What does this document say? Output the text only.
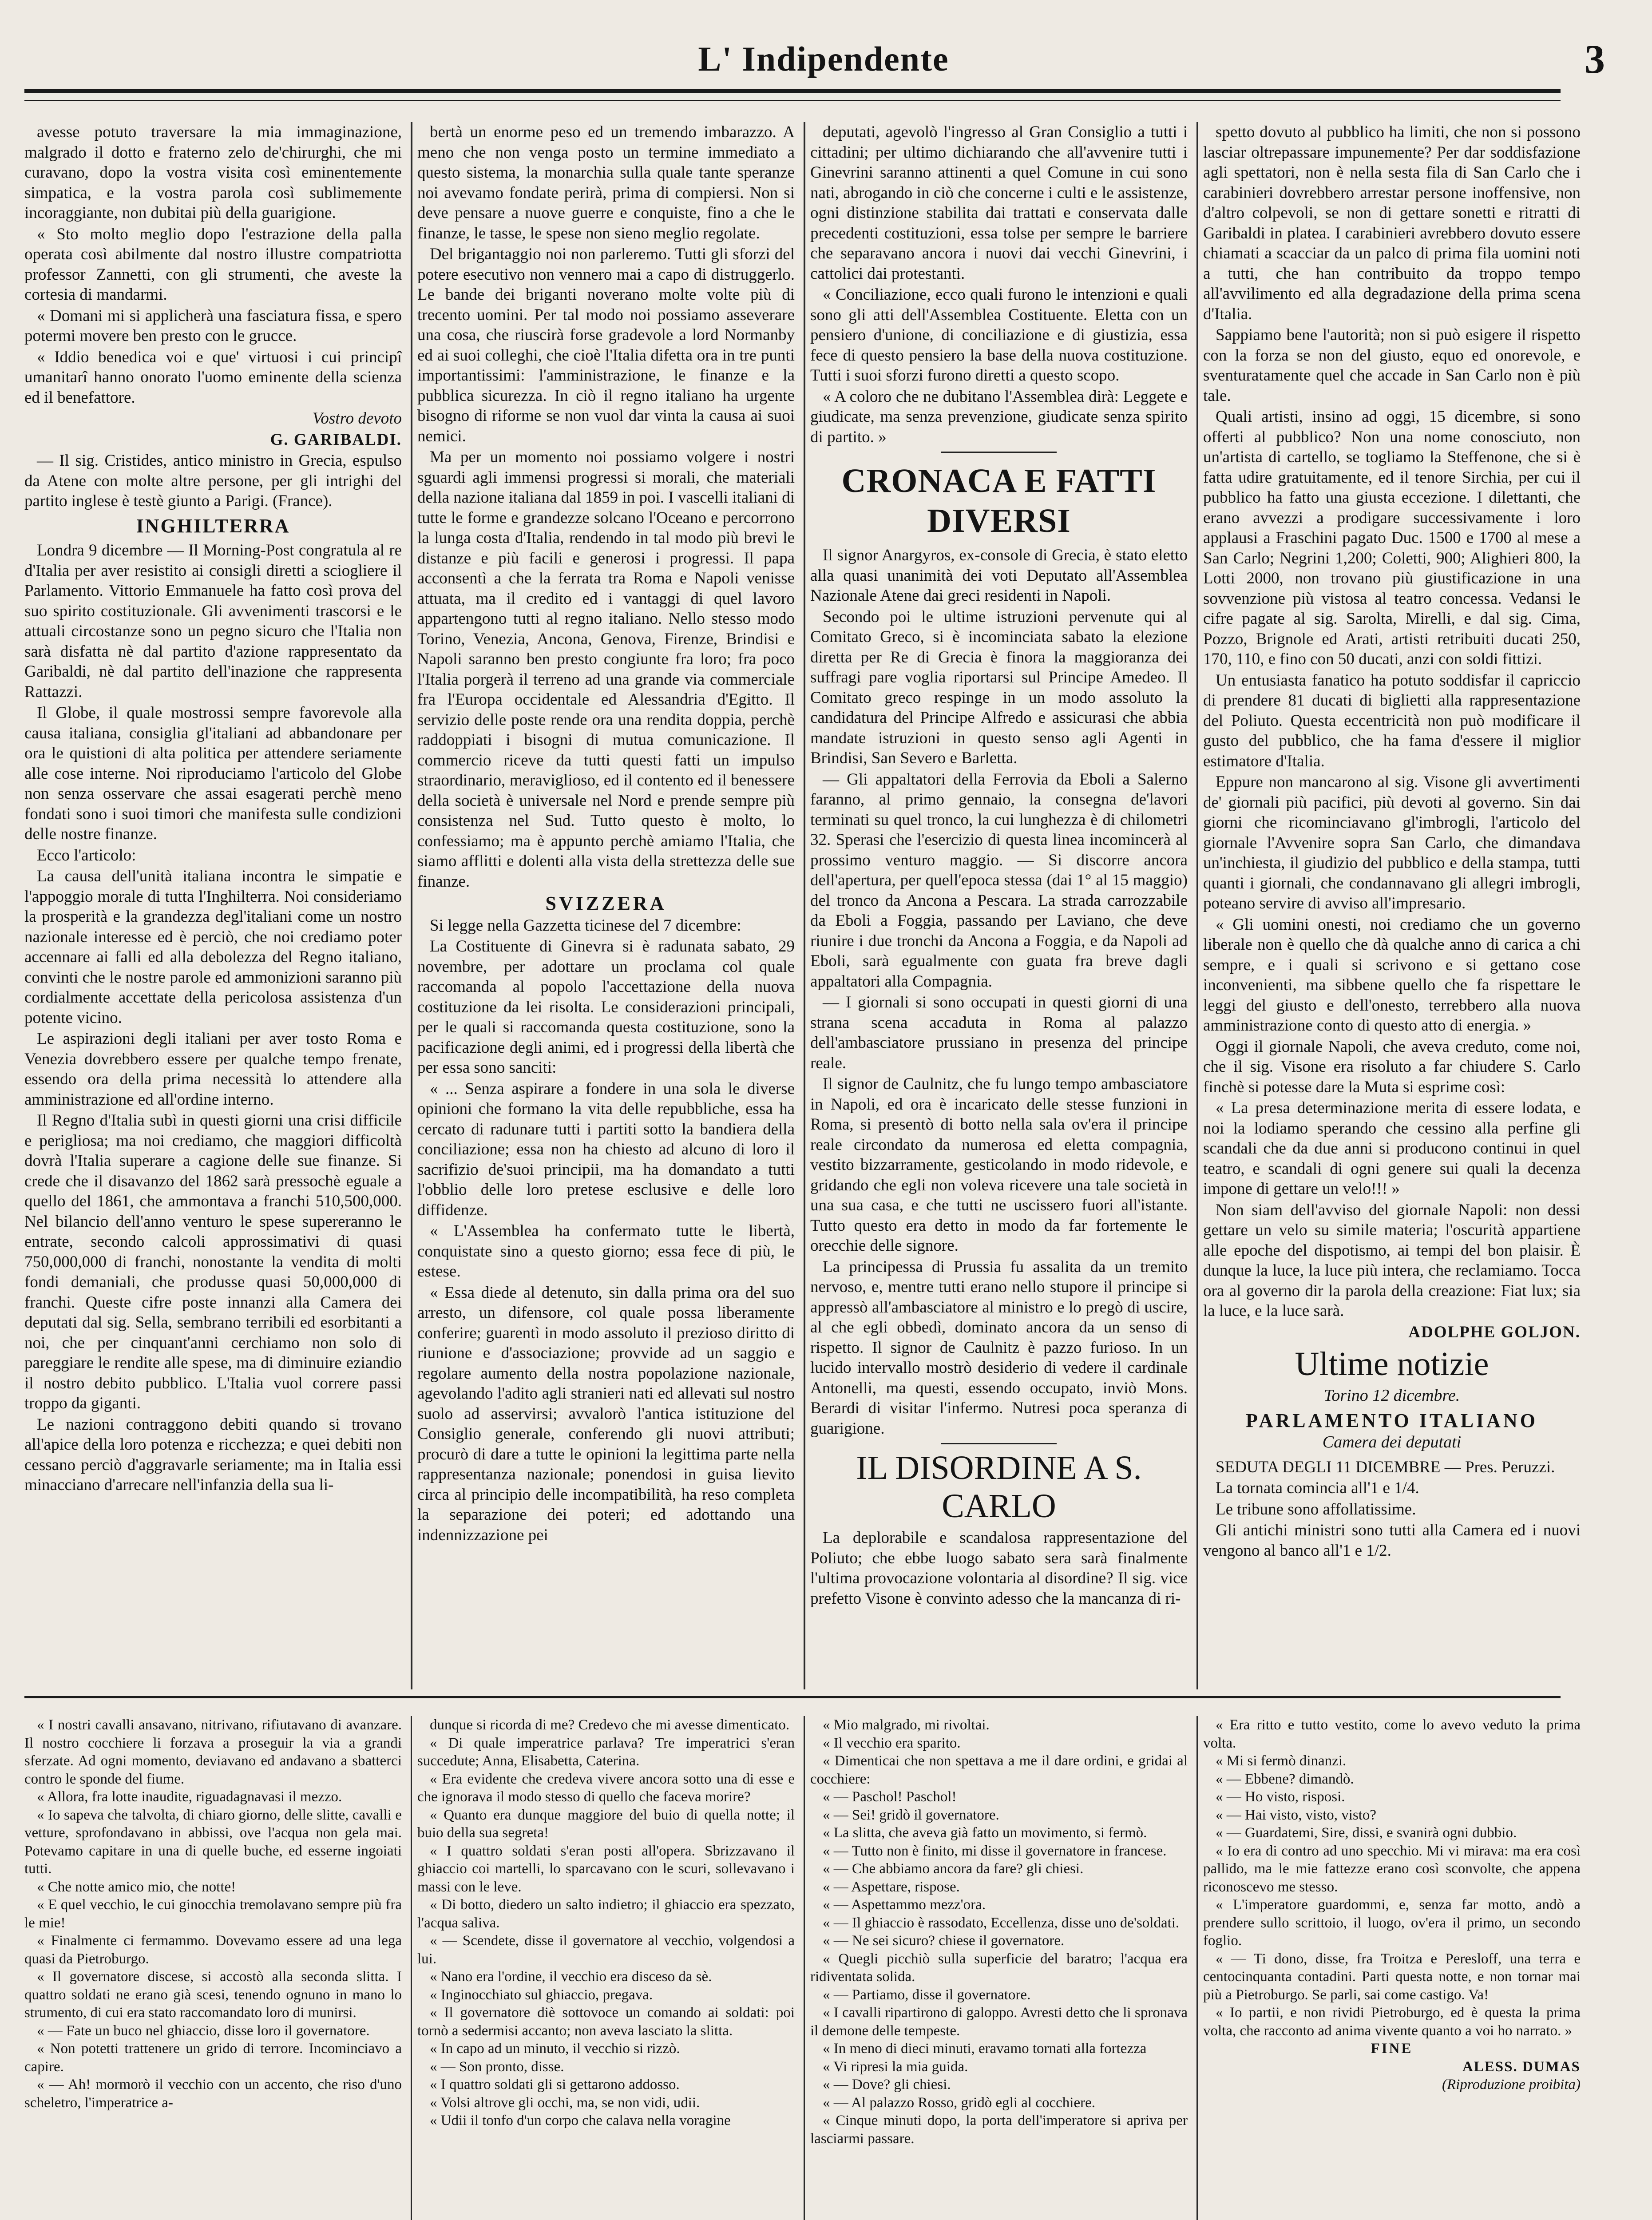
L' Indipendente	3

avesse potuto traversare la mia immaginazione, malgrado il dotto e fraterno zelo de'chirurghi, che mi curavano, dopo la vostra visita così eminentemente simpatica, e la vostra parola così sublimemente incoraggiante, non dubitai più della guarigione.

« Sto molto meglio dopo l'estrazione della palla operata così abilmente dal nostro illustre compatriotta professor Zannetti, con gli strumenti, che aveste la cortesia di mandarmi.

« Domani mi si applicherà una fasciatura fissa, e spero potermi movere ben presto con le grucce.

« Iddio benedica voi e que' virtuosi i cui principî umanitarî hanno onorato l'uomo eminente della scienza ed il benefattore.

Vostro devoto

G. GARIBALDI.

— Il sig. Cristides, antico ministro in Grecia, espulso da Atene con molte altre persone, per gli intrighi del partito inglese è testè giunto a Parigi. (France).

INGHILTERRA

Londra 9 dicembre — Il Morning-Post congratula al re d'Italia per aver resistito ai consigli diretti a sciogliere il Parlamento. Vittorio Emmanuele ha fatto così prova del suo spirito costituzionale. Gli avvenimenti trascorsi e le attuali circostanze sono un pegno sicuro che l'Italia non sarà disfatta nè dal partito d'azione rappresentato da Garibaldi, nè dal partito dell'inazione che rappresenta Rattazzi.

Il Globe, il quale mostrossi sempre favorevole alla causa italiana, consiglia gl'italiani ad abbandonare per ora le quistioni di alta politica per attendere seriamente alle cose interne. Noi riproduciamo l'articolo del Globe non senza osservare che assai esagerati perchè meno fondati sono i suoi timori che manifesta sulle condizioni delle nostre finanze.

Ecco l'articolo:

La causa dell'unità italiana incontra le simpatie e l'appoggio morale di tutta l'Inghilterra. Noi consideriamo la prosperità e la grandezza degl'italiani come un nostro nazionale interesse ed è perciò, che noi crediamo poter accennare ai falli ed alla debolezza del Regno italiano, convinti che le nostre parole ed ammonizioni saranno più cordialmente accettate della pericolosa assistenza d'un potente vicino.

Le aspirazioni degli italiani per aver tosto Roma e Venezia dovrebbero essere per qualche tempo frenate, essendo ora della prima necessità lo attendere alla amministrazione ed all'ordine interno.

Il Regno d'Italia subì in questi giorni una crisi difficile e perigliosa; ma noi crediamo, che maggiori difficoltà dovrà l'Italia superare a cagione delle sue finanze. Si crede che il disavanzo del 1862 sarà pressochè eguale a quello del 1861, che ammontava a franchi 510,500,000. Nel bilancio dell'anno venturo le spese supereranno le entrate, secondo calcoli approssimativi di quasi 750,000,000 di franchi, nonostante la vendita di molti fondi demaniali, che produsse quasi 50,000,000 di franchi. Queste cifre poste innanzi alla Camera dei deputati dal sig. Sella, sembrano terribili ed esorbitanti a noi, che per cinquant'anni cerchiamo non solo di pareggiare le rendite alle spese, ma di diminuire eziandio il nostro debito pubblico. L'Italia vuol correre passi troppo da giganti.

Le nazioni contraggono debiti quando si trovano all'apice della loro potenza e ricchezza; e quei debiti non cessano perciò d'aggravarle seriamente; ma in Italia essi minacciano d'arrecare nell'infanzia della sua li-

bertà un enorme peso ed un tremendo imbarazzo. A meno che non venga posto un termine immediato a questo sistema, la monarchia sulla quale tante speranze noi avevamo fondate perirà, prima di compiersi. Non si deve pensare a nuove guerre e conquiste, fino a che le finanze, le tasse, le spese non sieno meglio regolate.

Del brigantaggio noi non parleremo. Tutti gli sforzi del potere esecutivo non vennero mai a capo di distruggerlo. Le bande dei briganti noverano molte volte più di trecento uomini. Per tal modo noi possiamo asseverare una cosa, che riuscirà forse gradevole a lord Normanby ed ai suoi colleghi, che cioè l'Italia difetta ora in tre punti importantissimi: l'amministrazione, le finanze e la pubblica sicurezza. In ciò il regno italiano ha urgente bisogno di riforme se non vuol dar vinta la causa ai suoi nemici.

Ma per un momento noi possiamo volgere i nostri sguardi agli immensi progressi si morali, che materiali della nazione italiana dal 1859 in poi. I vascelli italiani di tutte le forme e grandezze solcano l'Oceano e percorrono la lunga costa d'Italia, rendendo in tal modo più brevi le distanze e più facili e generosi i progressi. Il papa acconsentì a che la ferrata tra Roma e Napoli venisse attuata, ma il credito ed i vantaggi di quel lavoro appartengono tutti al regno italiano. Nello stesso modo Torino, Venezia, Ancona, Genova, Firenze, Brindisi e Napoli saranno ben presto congiunte fra loro; fra poco l'Italia porgerà il terreno ad una grande via commerciale fra l'Europa occidentale ed Alessandria d'Egitto. Il servizio delle poste rende ora una rendita doppia, perchè raddoppiati i bisogni di mutua comunicazione. Il commercio riceve da tutti questi fatti un impulso straordinario, meraviglioso, ed il contento ed il benessere della società è universale nel Nord e prende sempre più consistenza nel Sud. Tutto questo è molto, lo confessiamo; ma è appunto perchè amiamo l'Italia, che siamo afflitti e dolenti alla vista della strettezza delle sue finanze.

SVIZZERA

Si legge nella Gazzetta ticinese del 7 dicembre:

La Costituente di Ginevra si è radunata sabato, 29 novembre, per adottare un proclama col quale raccomanda al popolo l'accettazione della nuova costituzione da lei risolta. Le considerazioni principali, per le quali si raccomanda questa costituzione, sono la pacificazione degli animi, ed i progressi della libertà che per essa sono sanciti:

« ... Senza aspirare a fondere in una sola le diverse opinioni che formano la vita delle repubbliche, essa ha cercato di radunare tutti i partiti sotto la bandiera della conciliazione; essa non ha chiesto ad alcuno di loro il sacrifizio de'suoi principii, ma ha domandato a tutti l'obblio delle loro pretese esclusive e delle loro diffidenze.

« L'Assemblea ha confermato tutte le libertà, conquistate sino a questo giorno; essa fece di più, le estese.

« Essa diede al detenuto, sin dalla prima ora del suo arresto, un difensore, col quale possa liberamente conferire; guarentì in modo assoluto il prezioso diritto di riunione e d'associazione; provvide ad un saggio e regolare aumento della nostra popolazione nazionale, agevolando l'adito agli stranieri nati ed allevati sul nostro suolo ad asservirsi; avvalorò l'antica istituzione del Consiglio generale, conferendo gli nuovi attributi; procurò di dare a tutte le opinioni la legittima parte nella rappresentanza nazionale; ponendosi in guisa lievito circa al principio delle incompatibilità, ha reso completa la separazione dei poteri; ed adottando una indennizzazione pei

deputati, agevolò l'ingresso al Gran Consiglio a tutti i cittadini; per ultimo dichiarando che all'avvenire tutti i Ginevrini saranno attinenti a quel Comune in cui sono nati, abrogando in ciò che concerne i culti e le assistenze, ogni distinzione stabilita dai trattati e conservata dalle precedenti costituzioni, essa tolse per sempre le barriere che separavano ancora i nuovi dai vecchi Ginevrini, i cattolici dai protestanti.

« Conciliazione, ecco quali furono le intenzioni e quali sono gli atti dell'Assemblea Costituente. Eletta con un pensiero d'unione, di conciliazione e di giustizia, essa fece di questo pensiero la base della nuova costituzione. Tutti i suoi sforzi furono diretti a questo scopo.

« A coloro che ne dubitano l'Assemblea dirà: Leggete e giudicate, ma senza prevenzione, giudicate senza spirito di partito. »

CRONACA E FATTI DIVERSI

Il signor Anargyros, ex-console di Grecia, è stato eletto alla quasi unanimità dei voti Deputato all'Assemblea Nazionale Atene dai greci residenti in Napoli.

Secondo poi le ultime istruzioni pervenute qui al Comitato Greco, si è incominciata sabato la elezione diretta per Re di Grecia è finora la maggioranza dei suffragi pare voglia riportarsi sul Principe Amedeo. Il Comitato greco respinge in un modo assoluto la candidatura del Principe Alfredo e assicurasi che abbia mandate istruzioni in questo senso agli Agenti in Brindisi, San Severo e Barletta.

— Gli appaltatori della Ferrovia da Eboli a Salerno faranno, al primo gennaio, la consegna de'lavori terminati su quel tronco, la cui lunghezza è di chilometri 32. Sperasi che l'esercizio di questa linea incomincerà al prossimo venturo maggio. — Si discorre ancora dell'apertura, per quell'epoca stessa (dai 1° al 15 maggio) del tronco da Ancona a Pescara. La strada carrozzabile da Eboli a Foggia, passando per Laviano, che deve riunire i due tronchi da Ancona a Foggia, e da Napoli ad Eboli, sarà egualmente con guata fra breve dagli appaltatori alla Compagnia.

— I giornali si sono occupati in questi giorni di una strana scena accaduta in Roma al palazzo dell'ambasciatore prussiano in presenza del principe reale.

Il signor de Caulnitz, che fu lungo tempo ambasciatore in Napoli, ed ora è incaricato delle stesse funzioni in Roma, si presentò di botto nella sala ov'era il principe reale circondato da numerosa ed eletta compagnia, vestito bizzarramente, gesticolando in modo ridevole, e gridando che egli non voleva ricevere una tale società in una sua casa, e che tutti ne uscissero fuori all'istante. Tutto questo era detto in modo da far fortemente le orecchie delle signore.

La principessa di Prussia fu assalita da un tremito nervoso, e, mentre tutti erano nello stupore il principe si appressò all'ambasciatore al ministro e lo pregò di uscire, al che egli obbedì, dominato ancora da un senso di rispetto. Il signor de Caulnitz è pazzo furioso. In un lucido intervallo mostrò desiderio di vedere il cardinale Antonelli, ma questi, essendo occupato, inviò Mons. Berardi di visitar l'infermo. Nutresi poca speranza di guarigione.

IL DISORDINE A S. CARLO

La deplorabile e scandalosa rappresentazione del Poliuto; che ebbe luogo sabato sera sarà finalmente l'ultima provocazione volontaria al disordine? Il sig. vice prefetto Visone è convinto adesso che la mancanza di ri-

spetto dovuto al pubblico ha limiti, che non si possono lasciar oltrepassare impunemente? Per dar soddisfazione agli spettatori, non è nella sesta fila di San Carlo che i carabinieri dovrebbero arrestar persone inoffensive, non d'altro colpevoli, se non di gettare sonetti e ritratti di Garibaldi in platea. I carabinieri avrebbero dovuto essere chiamati a scacciar da un palco di prima fila uomini noti a tutti, che han contribuito da troppo tempo all'avvilimento ed alla degradazione della prima scena d'Italia.

Sappiamo bene l'autorità; non si può esigere il rispetto con la forza se non del giusto, equo ed onorevole, e sventuratamente quel che accade in San Carlo non è più tale.

Quali artisti, insino ad oggi, 15 dicembre, si sono offerti al pubblico? Non una nome conosciuto, non un'artista di cartello, se togliamo la Steffenone, che si è fatta udire gratuitamente, ed il tenore Sirchia, per cui il pubblico ha fatto una giusta eccezione. I dilettanti, che erano avvezzi a prodigare successivamente i loro applausi a Fraschini pagato Duc. 1500 e 1700 al mese a San Carlo; Negrini 1,200; Coletti, 900; Alighieri 800, la Lotti 2000, non trovano più giustificazione in una sovvenzione più vistosa al teatro concessa. Vedansi le cifre pagate al sig. Sarolta, Mirelli, e dal sig. Cima, Pozzo, Brignole ed Arati, artisti retribuiti ducati 250, 170, 110, e fino con 50 ducati, anzi con soldi fittizi.

Un entusiasta fanatico ha potuto soddisfar il capriccio di prendere 81 ducati di biglietti alla rappresentazione del Poliuto. Questa eccentricità non può modificare il gusto del pubblico, che ha fama d'essere il miglior estimatore d'Italia.

Eppure non mancarono al sig. Visone gli avvertimenti de' giornali più pacifici, più devoti al governo. Sin dai giorni che ricominciavano gl'imbrogli, l'articolo del giornale l'Avvenire sopra San Carlo, che dimandava un'inchiesta, il giudizio del pubblico e della stampa, tutti quanti i giornali, che condannavano gli allegri imbrogli, poteano servire di avviso all'impresario.

« Gli uomini onesti, noi crediamo che un governo liberale non è quello che dà qualche anno di carica a chi sempre, e i quali si scrivono e si gettano cose inconvenienti, ma sibbene quello che fa rispettare le leggi del giusto e dell'onesto, terrebbero alla nuova amministrazione conto di questo atto di energia. »

Oggi il giornale Napoli, che aveva creduto, come noi, che il sig. Visone era risoluto a far chiudere S. Carlo finchè si potesse dare la Muta si esprime così:

« La presa determinazione merita di essere lodata, e noi la lodiamo sperando che cessino alla perfine gli scandali che da due anni si producono continui in quel teatro, e scandali di ogni genere sui quali la decenza impone di gettare un velo!!! »

Non siam dell'avviso del giornale Napoli: non dessi gettare un velo su simile materia; l'oscurità appartiene alle epoche del dispotismo, ai tempi del bon plaisir. È dunque la luce, la luce più intera, che reclamiamo. Tocca ora al governo dir la parola della creazione: Fiat lux; sia la luce, e la luce sarà.

ADOLPHE GOLJON.

Ultime notizie

Torino 12 dicembre.

PARLAMENTO ITALIANO

Camera dei deputati

SEDUTA DEGLI 11 DICEMBRE — Pres. Peruzzi.

La tornata comincia all'1 e 1/4.

Le tribune sono affollatissime.

Gli antichi ministri sono tutti alla Camera ed i nuovi vengono al banco all'1 e 1/2.

« I nostri cavalli ansavano, nitrivano, rifiutavano di avanzare. Il nostro cocchiere li forzava a proseguir la via a grandi sferzate. Ad ogni momento, deviavano ed andavano a sbatterci contro le sponde del fiume.

« Allora, fra lotte inaudite, riguadagnavasi il mezzo.

« Io sapeva che talvolta, di chiaro giorno, delle slitte, cavalli e vetture, sprofondavano in abbissi, ove l'acqua non gela mai. Potevamo capitare in una di quelle buche, ed esserne ingoiati tutti.

« Che notte amico mio, che notte!

« E quel vecchio, le cui ginocchia tremolavano sempre più fra le mie!

« Finalmente ci fermammo. Dovevamo essere ad una lega quasi da Pietroburgo.

« Il governatore discese, si accostò alla seconda slitta. I quattro soldati ne erano già scesi, tenendo ognuno in mano lo strumento, di cui era stato raccomandato loro di munirsi.

« — Fate un buco nel ghiaccio, disse loro il governatore.

« Non potetti trattenere un grido di terrore. Incominciavo a capire.

« — Ah! mormorò il vecchio con un accento, che riso d'uno scheletro, l'imperatrice a-

dunque si ricorda di me? Credevo che mi avesse dimenticato.

« Di quale imperatrice parlava? Tre imperatrici s'eran succedute; Anna, Elisabetta, Caterina.

« Era evidente che credeva vivere ancora sotto una di esse e che ignorava il modo stesso di quello che faceva morire?

« Quanto era dunque maggiore del buio di quella notte; il buio della sua segreta!

« I quattro soldati s'eran posti all'opera. Sbrizzavano il ghiaccio coi martelli, lo sparcavano con le scuri, sollevavano i massi con le leve.

« Di botto, diedero un salto indietro; il ghiaccio era spezzato, l'acqua saliva.

« — Scendete, disse il governatore al vecchio, volgendosi a lui.

« Nano era l'ordine, il vecchio era disceso da sè.

« Inginocchiato sul ghiaccio, pregava.

« Il governatore diè sottovoce un comando ai soldati: poi tornò a sedermisi accanto; non aveva lasciato la slitta.

« In capo ad un minuto, il vecchio si rizzò.

« — Son pronto, disse.

« I quattro soldati gli si gettarono addosso.

« Volsi altrove gli occhi, ma, se non vidi, udii.

« Udii il tonfo d'un corpo che calava nella voragine

« Mio malgrado, mi rivoltai.

« Il vecchio era sparito.

« Dimenticai che non spettava a me il dare ordini, e gridai al cocchiere:

« — Paschol! Paschol!

« — Sei! gridò il governatore.

« La slitta, che aveva già fatto un movimento, si fermò.

« — Tutto non è finito, mi disse il governatore in francese.

« — Che abbiamo ancora da fare? gli chiesi.

« — Aspettare, rispose.

« — Aspettammo mezz'ora.

« — Il ghiaccio è rassodato, Eccellenza, disse uno de'soldati.

« — Ne sei sicuro? chiese il governatore.

« Quegli picchiò sulla superficie del baratro; l'acqua era ridiventata solida.

« — Partiamo, disse il governatore.

« I cavalli ripartirono di galoppo. Avresti detto che li spronava il demone delle tempeste.

« In meno di dieci minuti, eravamo tornati alla fortezza

« Vi ripresi la mia guida.

« — Dove? gli chiesi.

« — Al palazzo Rosso, gridò egli al cocchiere.

« Cinque minuti dopo, la porta dell'imperatore si apriva per lasciarmi passare.

« Era ritto e tutto vestito, come lo avevo veduto la prima volta.

« Mi si fermò dinanzi.

« — Ebbene? dimandò.

« — Ho visto, risposi.

« — Hai visto, visto, visto?

« — Guardatemi, Sire, dissi, e svanirà ogni dubbio.

« Io era di contro ad uno specchio. Mi vi mirava: ma era così pallido, ma le mie fattezze erano così sconvolte, che appena riconoscevo me stesso.

« L'imperatore guardommi, e, senza far motto, andò a prendere sullo scrittoio, il luogo, ov'era il primo, un secondo foglio.

« — Ti dono, disse, fra Troitza e Peresloff, una terra e centocinquanta contadini. Parti questa notte, e non tornar mai più a Pietroburgo. Se parli, sai come castigo. Va!

« Io partii, e non rividi Pietroburgo, ed è questa la prima volta, che racconto ad anima vivente quanto a voi ho narrato. »

FINE

ALESS. DUMAS

(Riproduzione proibita)
